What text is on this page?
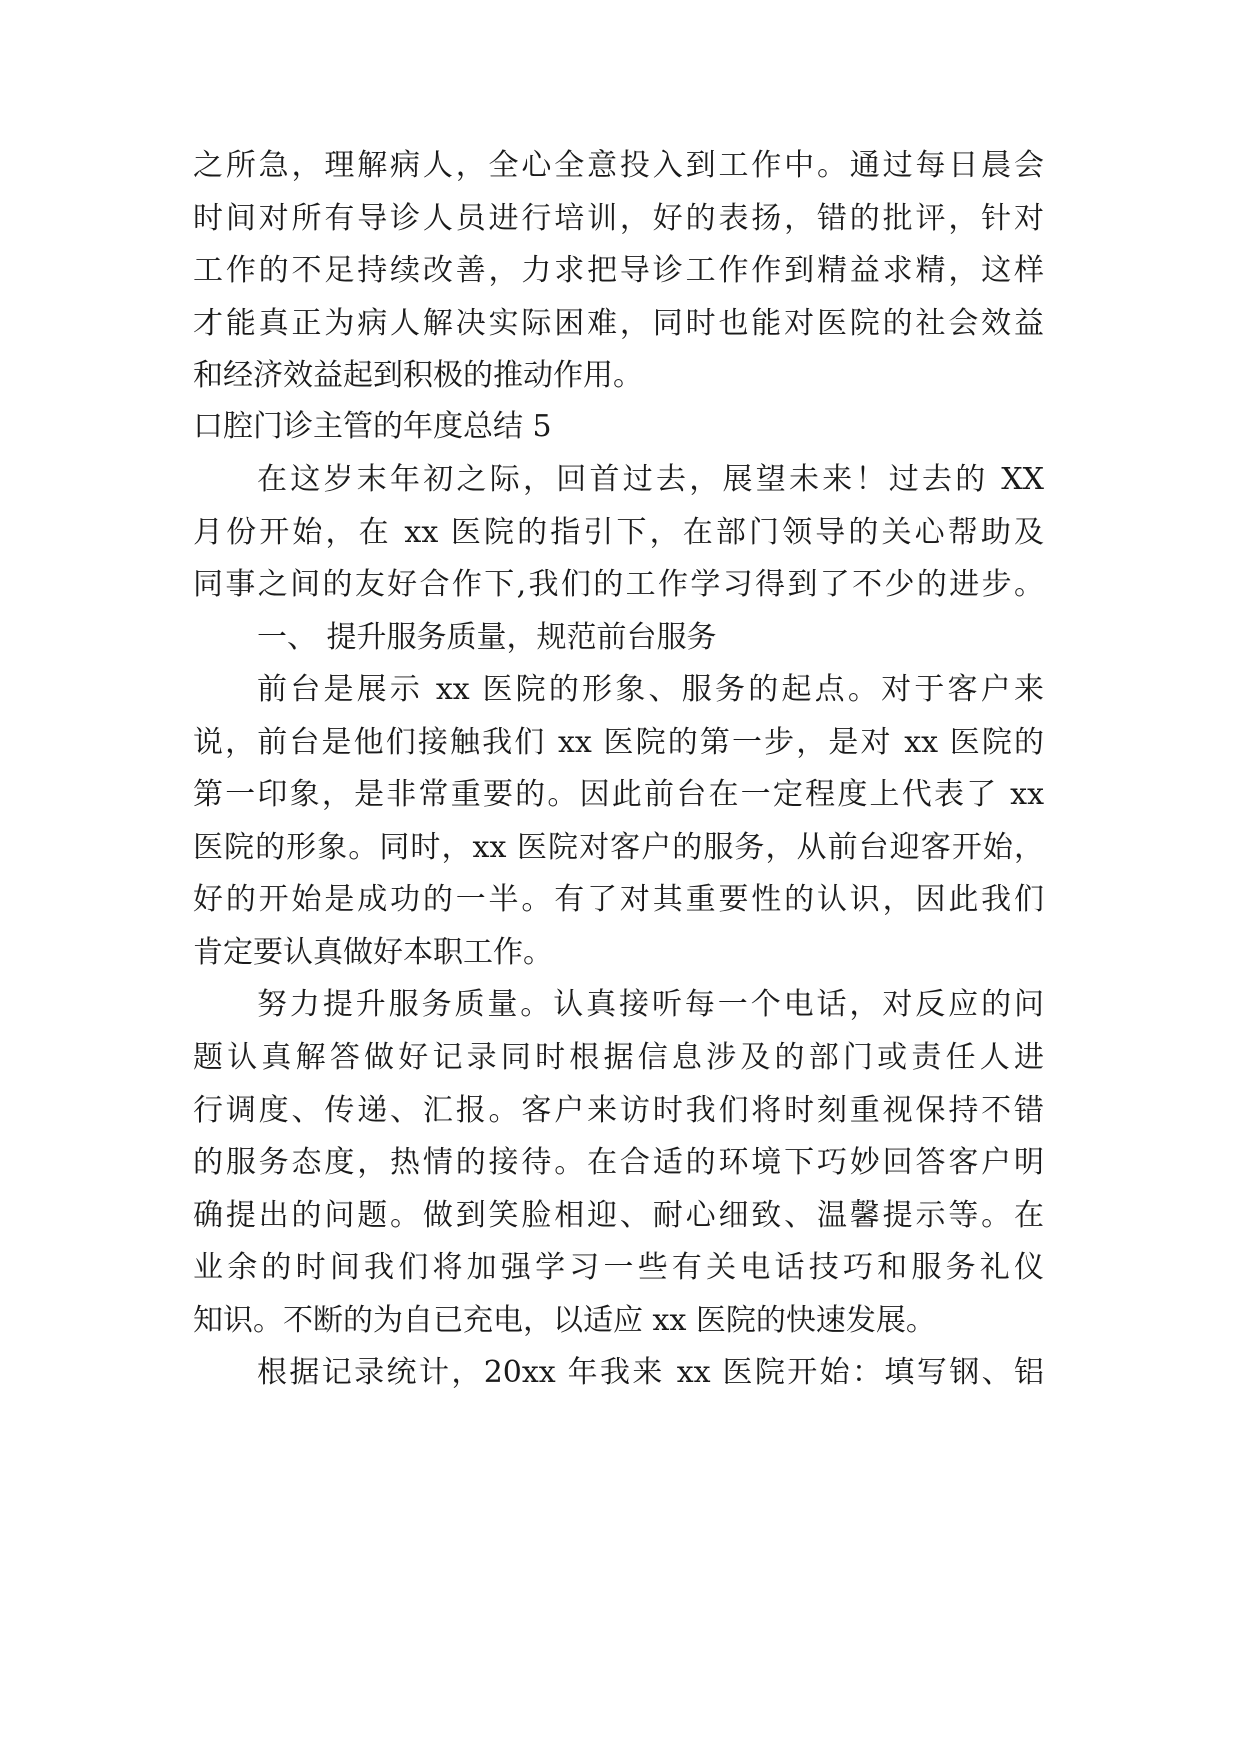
之所急，理解病人，全心全意投入到工作中。通过每日晨会
时间对所有导诊人员进行培训，好的表扬，错的批评，针对
工作的不足持续改善，力求把导诊工作作到精益求精，这样
才能真正为病人解决实际困难，同时也能对医院的社会效益
和经济效益起到积极的推动作用。
口腔门诊主管的年度总结 5
在这岁末年初之际，回首过去，展望未来！过去的 XX
月份开始，在 xx 医院的指引下，在部门领导的关心帮助及
同事之间的友好合作下,我们的工作学习得到了不少的进步。
一、 提升服务质量，规范前台服务
前台是展示 xx 医院的形象、服务的起点。对于客户来
说，前台是他们接触我们 xx 医院的第一步，是对 xx 医院的
第一印象，是非常重要的。因此前台在一定程度上代表了 xx
医院的形象。同时，xx 医院对客户的服务，从前台迎客开始，
好的开始是成功的一半。有了对其重要性的认识，因此我们
肯定要认真做好本职工作。
努力提升服务质量。认真接听每一个电话，对反应的问
题认真解答做好记录同时根据信息涉及的部门或责任人进
行调度、传递、汇报。客户来访时我们将时刻重视保持不错
的服务态度，热情的接待。在合适的环境下巧妙回答客户明
确提出的问题。做到笑脸相迎、耐心细致、温馨提示等。在
业余的时间我们将加强学习一些有关电话技巧和服务礼仪
知识。不断的为自已充电，以适应 xx 医院的快速发展。
根据记录统计，20xx 年我来 xx 医院开始：填写钢、铝
